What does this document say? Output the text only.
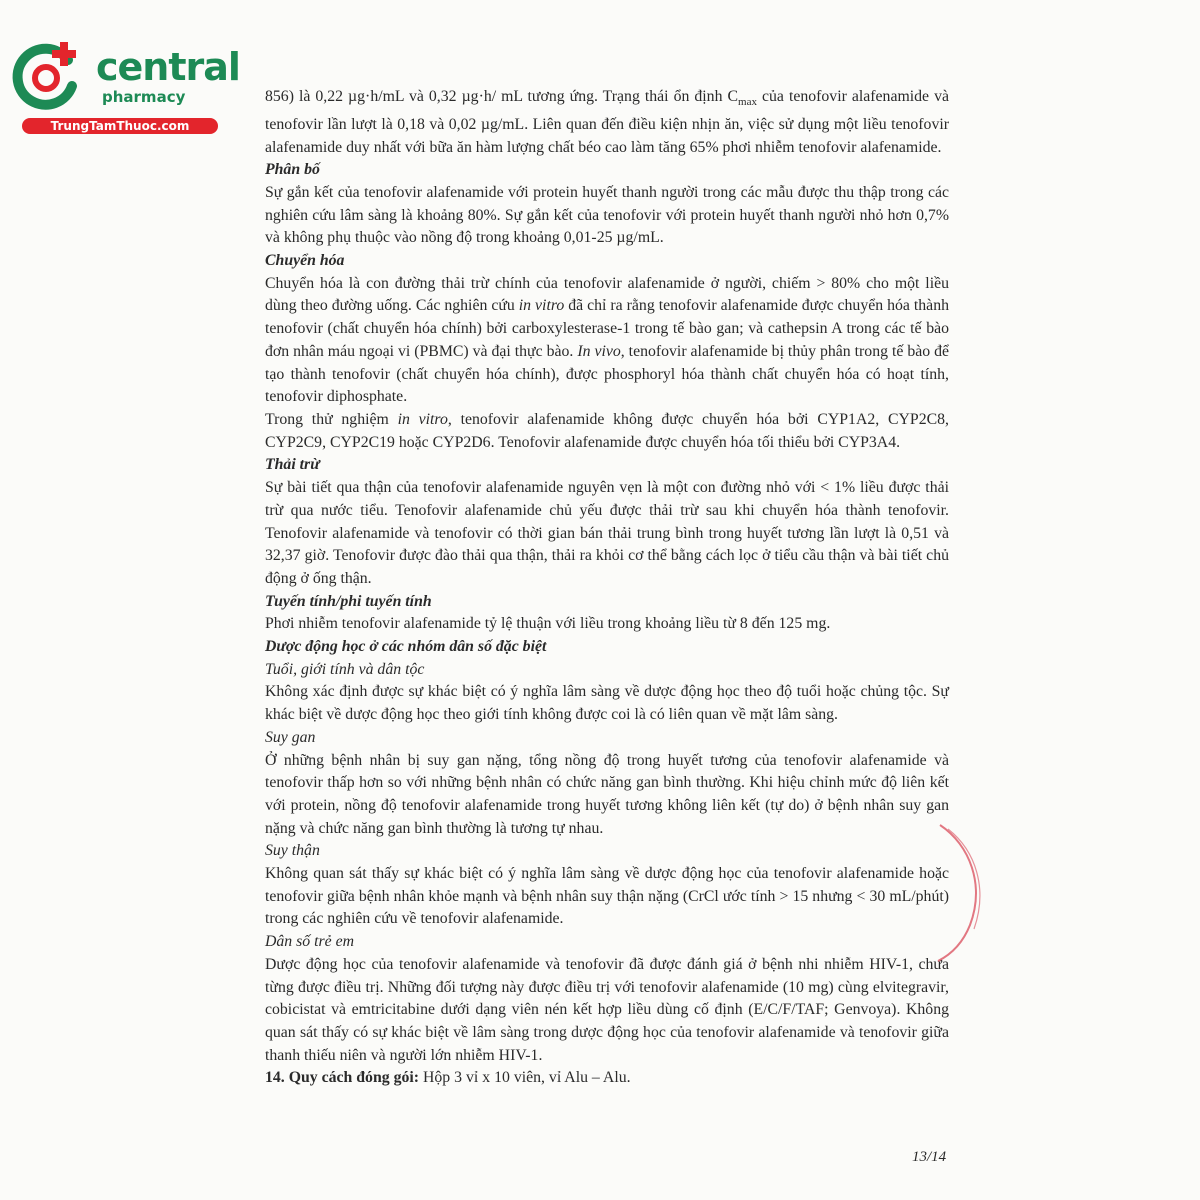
central
pharmacy
TrungTamThuoc.com

856) là 0,22 µg·h/mL và 0,32 µg·h/ mL tương ứng. Trạng thái ổn định $C_{max}$ của tenofovir alafenamide và tenofovir lần lượt là 0,18 và 0,02 µg/mL. Liên quan đến điều kiện nhịn ăn, việc sử dụng một liều tenofovir alafenamide duy nhất với bữa ăn hàm lượng chất béo cao làm tăng 65% phơi nhiễm tenofovir alafenamide.

Phân bố

Sự gắn kết của tenofovir alafenamide với protein huyết thanh người trong các mẫu được thu thập trong các nghiên cứu lâm sàng là khoảng 80%. Sự gắn kết của tenofovir với protein huyết thanh người nhỏ hơn 0,7% và không phụ thuộc vào nồng độ trong khoảng 0,01-25 µg/mL.

Chuyển hóa

Chuyển hóa là con đường thải trừ chính của tenofovir alafenamide ở người, chiếm > 80% cho một liều dùng theo đường uống. Các nghiên cứu in vitro đã chỉ ra rằng tenofovir alafenamide được chuyển hóa thành tenofovir (chất chuyển hóa chính) bởi carboxylesterase-1 trong tế bào gan; và cathepsin A trong các tế bào đơn nhân máu ngoại vi (PBMC) và đại thực bào. In vivo, tenofovir alafenamide bị thủy phân trong tế bào để tạo thành tenofovir (chất chuyển hóa chính), được phosphoryl hóa thành chất chuyển hóa có hoạt tính, tenofovir diphosphate.

Trong thử nghiệm in vitro, tenofovir alafenamide không được chuyển hóa bởi CYP1A2, CYP2C8, CYP2C9, CYP2C19 hoặc CYP2D6. Tenofovir alafenamide được chuyển hóa tối thiểu bởi CYP3A4.

Thải trừ

Sự bài tiết qua thận của tenofovir alafenamide nguyên vẹn là một con đường nhỏ với < 1% liều được thải trừ qua nước tiểu. Tenofovir alafenamide chủ yếu được thải trừ sau khi chuyển hóa thành tenofovir. Tenofovir alafenamide và tenofovir có thời gian bán thải trung bình trong huyết tương lần lượt là 0,51 và 32,37 giờ. Tenofovir được đào thải qua thận, thải ra khỏi cơ thể bằng cách lọc ở tiểu cầu thận và bài tiết chủ động ở ống thận.

Tuyến tính/phi tuyến tính

Phơi nhiễm tenofovir alafenamide tỷ lệ thuận với liều trong khoảng liều từ 8 đến 125 mg.

Dược động học ở các nhóm dân số đặc biệt

Tuổi, giới tính và dân tộc

Không xác định được sự khác biệt có ý nghĩa lâm sàng về dược động học theo độ tuổi hoặc chủng tộc. Sự khác biệt về dược động học theo giới tính không được coi là có liên quan về mặt lâm sàng.

Suy gan

Ở những bệnh nhân bị suy gan nặng, tổng nồng độ trong huyết tương của tenofovir alafenamide và tenofovir thấp hơn so với những bệnh nhân có chức năng gan bình thường. Khi hiệu chỉnh mức độ liên kết với protein, nồng độ tenofovir alafenamide trong huyết tương không liên kết (tự do) ở bệnh nhân suy gan nặng và chức năng gan bình thường là tương tự nhau.

Suy thận

Không quan sát thấy sự khác biệt có ý nghĩa lâm sàng về dược động học của tenofovir alafenamide hoặc tenofovir giữa bệnh nhân khỏe mạnh và bệnh nhân suy thận nặng (CrCl ước tính > 15 nhưng < 30 mL/phút) trong các nghiên cứu về tenofovir alafenamide.

Dân số trẻ em

Dược động học của tenofovir alafenamide và tenofovir đã được đánh giá ở bệnh nhi nhiễm HIV-1, chưa từng được điều trị. Những đối tượng này được điều trị với tenofovir alafenamide (10 mg) cùng elvitegravir, cobicistat và emtricitabine dưới dạng viên nén kết hợp liều dùng cố định (E/C/F/TAF; Genvoya). Không quan sát thấy có sự khác biệt về lâm sàng trong dược động học của tenofovir alafenamide và tenofovir giữa thanh thiếu niên và người lớn nhiễm HIV-1.

14. Quy cách đóng gói: Hộp 3 vỉ x 10 viên, vỉ Alu – Alu.

13/14
